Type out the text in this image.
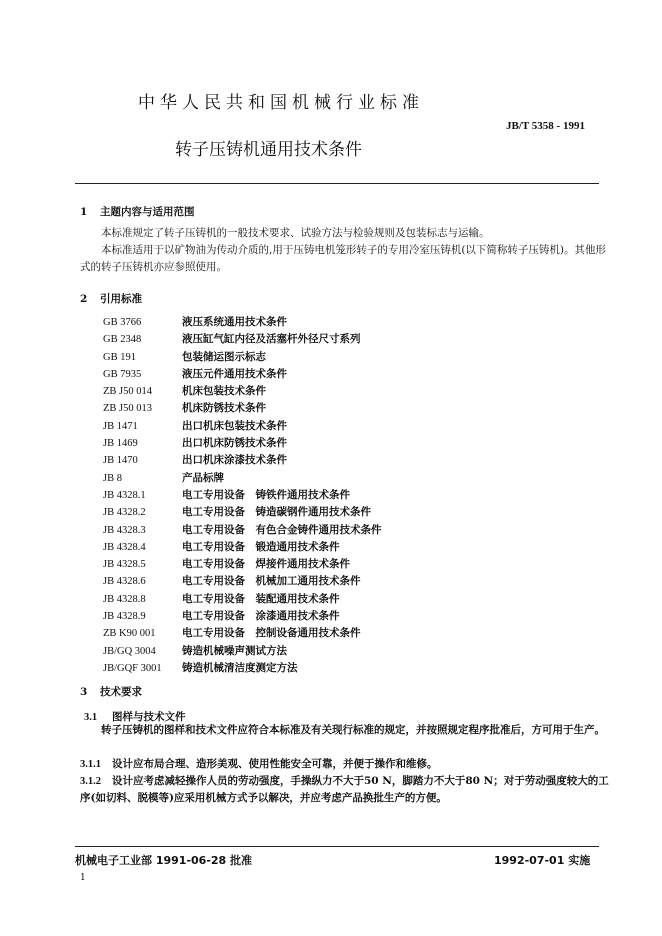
中华人民共和国机械行业标准
JB/T 5358 - 1991
转子压铸机通用技术条件
1 主题内容与适用范围

本标准规定了转子压铸机的一般技术要求、试验方法与检验规则及包装标志与运输。

本标准适用于以矿物油为传动介质的,用于压铸电机笼形转子的专用冷室压铸机(以下简称转子压铸机)。其他形式的转子压铸机亦应参照使用。

2 引用标准
GB 3766	液压系统通用技术条件
GB 2348	液压缸气缸内径及活塞杆外径尺寸系列
GB 191	包装储运图示标志
GB 7935	液压元件通用技术条件
ZB J50 014	机床包装技术条件
ZB J50 013	机床防锈技术条件
JB 1471	出口机床包装技术条件
JB 1469	出口机床防锈技术条件
JB 1470	出口机床涂漆技术条件
JB 8	产品标牌
JB 4328.1	电工专用设备　铸铁件通用技术条件
JB 4328.2	电工专用设备　铸造碳钢件通用技术条件
JB 4328.3	电工专用设备　有色合金铸件通用技术条件
JB 4328.4	电工专用设备　锻造通用技术条件
JB 4328.5	电工专用设备　焊接件通用技术条件
JB 4328.6	电工专用设备　机械加工通用技术条件
JB 4328.8	电工专用设备　装配通用技术条件
JB 4328.9	电工专用设备　涂漆通用技术条件
ZB K90 001	电工专用设备　控制设备通用技术条件
JB/GQ 3004 铸造机械噪声测试方法
JB/GQF 3001 铸造机械清洁度测定方法
3 技术要求
3.1 图样与技术文件

转子压铸机的图样和技术文件应符合本标准及有关现行标准的规定，并按照规定程序批准后，方可用于生产。

3.1.1 设计应布局合理、造形美观、使用性能安全可靠，并便于操作和维修。
3.1.2 设计应考虑减轻操作人员的劳动强度，手操纵力不大于50 N，脚踏力不大于80 N；对于劳动强度较大的工序(如切料、脱模等)应采用机械方式予以解决，并应考虑产品换批生产的方便。
机械电子工业部 1991-06-28 批准	1992-07-01 实施
1
